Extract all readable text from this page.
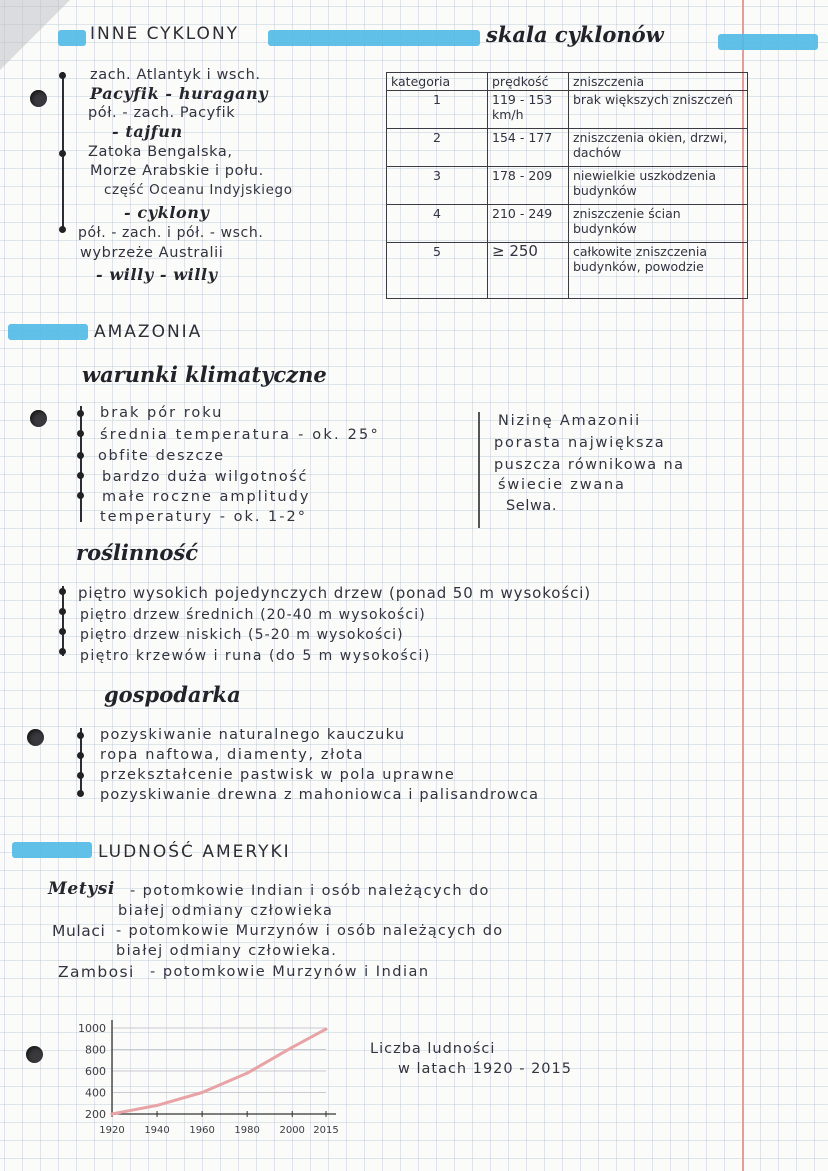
INNE CYKLONY
zach. Atlantyk i wsch.
Pacyfik - huragany
pół. - zach. Pacyfik
- tajfun
Zatoka Bengalska,
Morze Arabskie i połu.
część Oceanu Indyjskiego
- cyklony
pół. - zach. i pół. - wsch.
wybrzeże Australii
- willy - willy
skala cyklonów
kategoria	prędkość	zniszczenia
1	119 - 153 km/h	brak większych zniszczeń
2	154 - 177	zniszczenia okien, drzwi, dachów
3	178 - 209	niewielkie uszkodzenia budynków
4	210 - 249	zniszczenie ścian budynków
5	≥ 250	całkowite zniszczenia budynków, powodzie
AMAZONIA
warunki klimatyczne
brak pór roku
średnia temperatura - ok. 25°
obfite deszcze
bardzo duża wilgotność
małe roczne amplitudy
temperatury - ok. 1-2°
Nizinę Amazonii
porasta największa
puszcza równikowa na
świecie zwana
Selwa.
roślinność
piętro wysokich pojedynczych drzew (ponad 50 m wysokości)
piętro drzew średnich (20-40 m wysokości)
piętro drzew niskich (5-20 m wysokości)
piętro krzewów i runa (do 5 m wysokości)
gospodarka
pozyskiwanie naturalnego kauczuku
ropa naftowa, diamenty, złota
przekształcenie pastwisk w pola uprawne
pozyskiwanie drewna z mahoniowca i palisandrowca
LUDNOŚĆ AMERYKI
Metysi - potomkowie Indian i osób należących do
białej odmiany człowieka
Mulaci - potomkowie Murzynów i osób należących do
białej odmiany człowieka.
Zambosi - potomkowie Murzynów i Indian
200
400
600
800
1000
1920 1940 1960 1980 2000 2015
Liczba ludności
w latach 1920 - 2015
